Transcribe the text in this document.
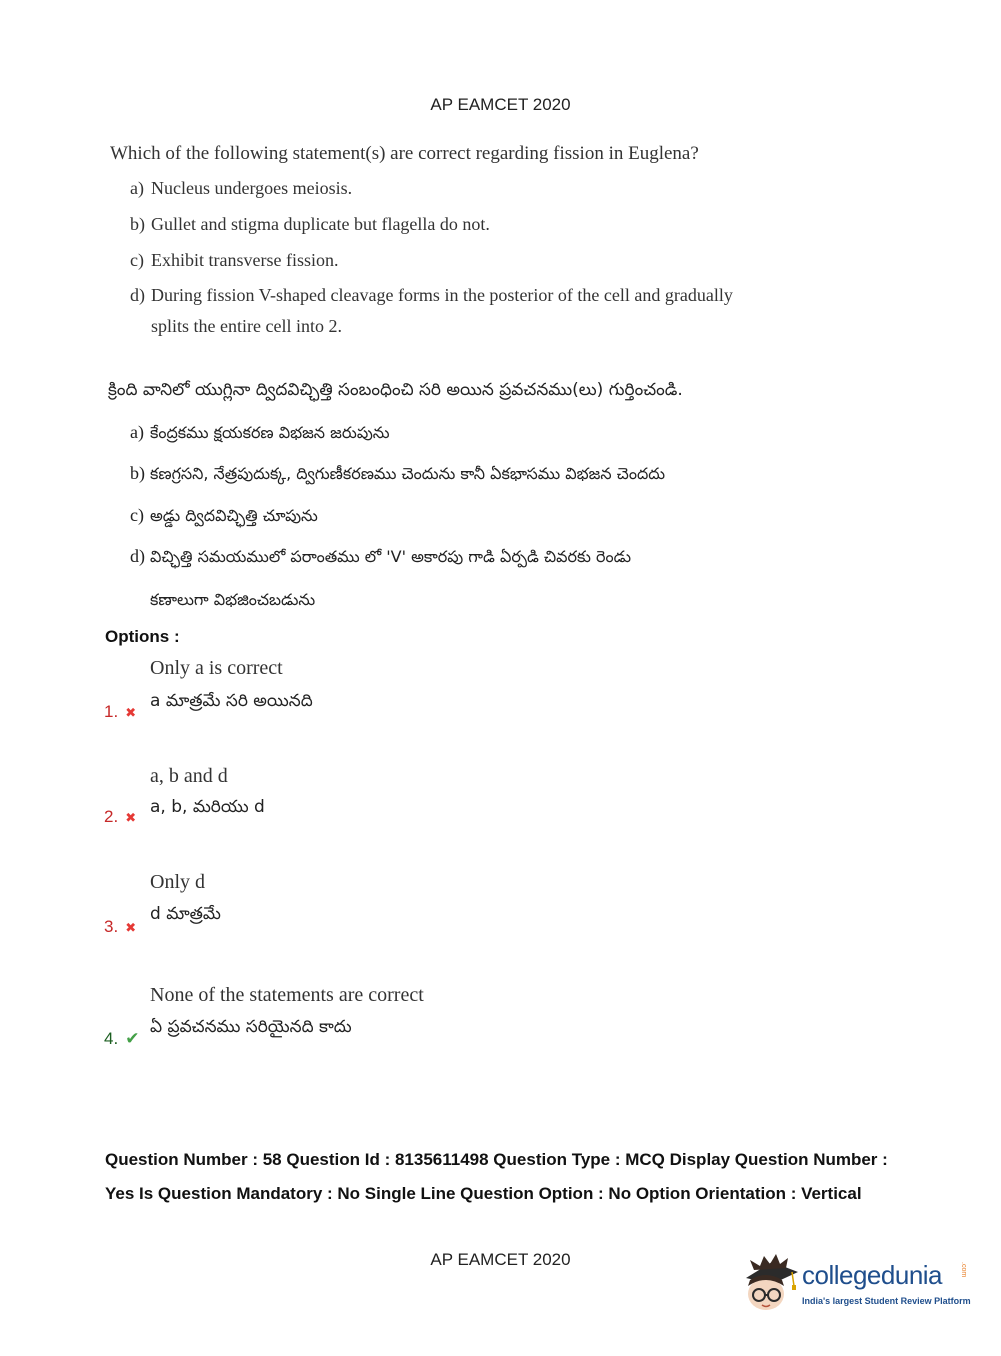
AP EAMCET 2020
Which of the following statement(s) are correct regarding fission in Euglena?
a) Nucleus undergoes meiosis.
b) Gullet and stigma duplicate but flagella do not.
c) Exhibit transverse fission.
d) During fission V-shaped cleavage forms in the posterior of the cell and gradually
splits the entire cell into 2.
క్రింది వానిలో యుగ్లినా ద్విదవిచ్ఛిత్తి సంబంధించి సరి అయిన ప్రవచనము(లు) గుర్తించండి.
a) కేంద్రకము క్షయకరణ విభజన జరుపును
b) కణగ్రసని, నేత్రపుదుక్క, ద్విగుణీకరణము చెందును కానీ ఏకభాసము విభజన చెందదు
c) అడ్డు ద్విదవిచ్ఛిత్తి చూపును
d) విచ్ఛిత్తి సమయములో పరాంతము లో 'V' అకారపు గాడి ఏర్పడి చివరకు రెండు
కణాలుగా విభజించబడును
Options :
Only a is correct
a మాత్రమే సరి అయినది
1. ✖
a, b and d
a, b, మరియు d
2. ✖
Only d
d మాత్రమే
3. ✖
None of the statements are correct
ఏ ప్రవచనము సరియైనది కాదు
4. ✔
Question Number : 58 Question Id : 8135611498 Question Type : MCQ Display Question Number : Yes Is Question Mandatory : No Single Line Question Option : No Option Orientation : Vertical
AP EAMCET 2020
collegedunia	.com
India's largest Student Review Platform
